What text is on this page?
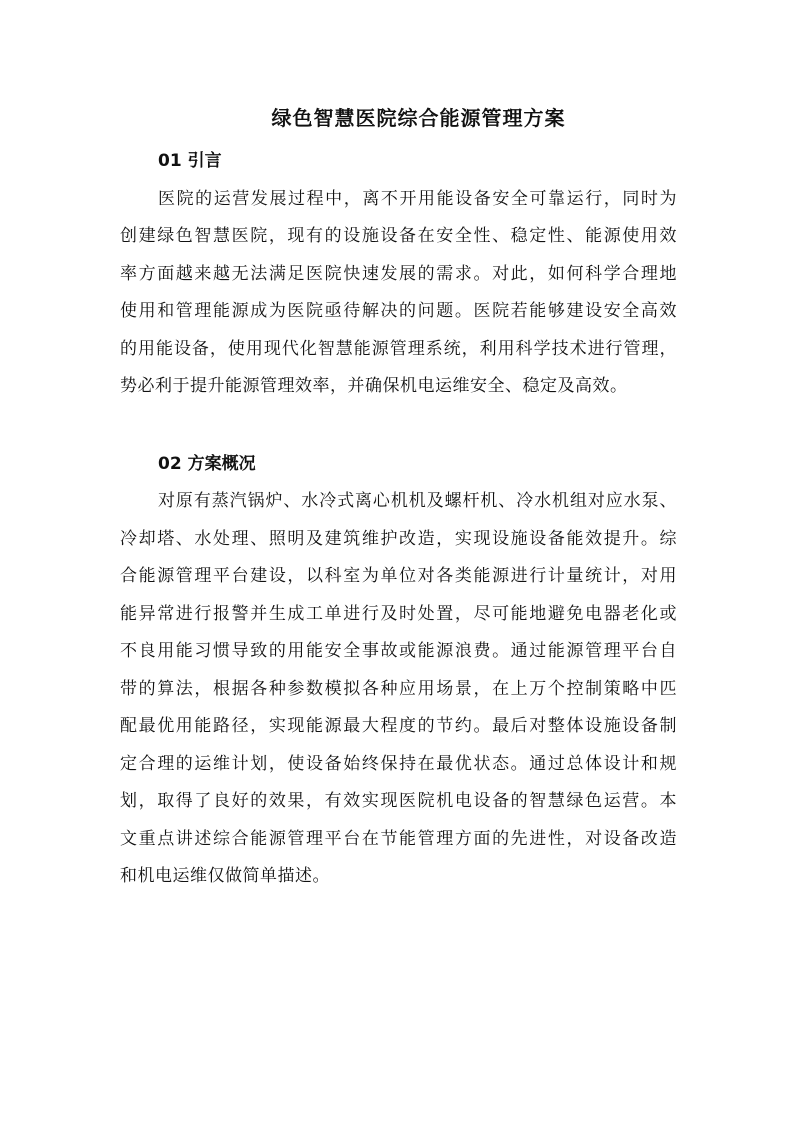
绿色智慧医院综合能源管理方案
01 引言
医院的运营发展过程中，离不开用能设备安全可靠运行，同时为
创建绿色智慧医院，现有的设施设备在安全性、稳定性、能源使用效
率方面越来越无法满足医院快速发展的需求。对此，如何科学合理地
使用和管理能源成为医院亟待解决的问题。医院若能够建设安全高效
的用能设备，使用现代化智慧能源管理系统，利用科学技术进行管理，
势必利于提升能源管理效率，并确保机电运维安全、稳定及高效。
02 方案概况
对原有蒸汽锅炉、水冷式离心机机及螺杆机、冷水机组对应水泵、
冷却塔、水处理、照明及建筑维护改造，实现设施设备能效提升。综
合能源管理平台建设，以科室为单位对各类能源进行计量统计，对用
能异常进行报警并生成工单进行及时处置，尽可能地避免电器老化或
不良用能习惯导致的用能安全事故或能源浪费。通过能源管理平台自
带的算法，根据各种参数模拟各种应用场景，在上万个控制策略中匹
配最优用能路径，实现能源最大程度的节约。最后对整体设施设备制
定合理的运维计划，使设备始终保持在最优状态。通过总体设计和规
划，取得了良好的效果，有效实现医院机电设备的智慧绿色运营。本
文重点讲述综合能源管理平台在节能管理方面的先进性，对设备改造
和机电运维仅做简单描述。
